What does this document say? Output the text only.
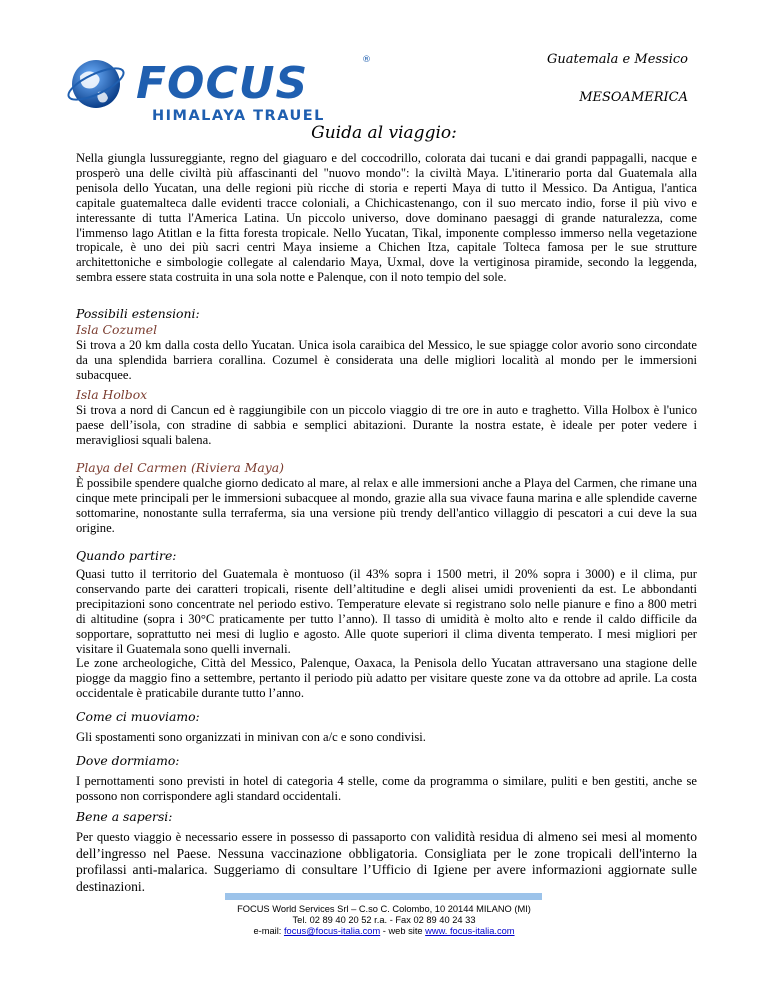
FOCUS	®
HIMALAYA TRAUEL
Guatemala e Messico
MESOAMERICA
Guida al viaggio:

Nella giungla lussureggiante, regno del giaguaro e del coccodrillo, colorata dai tucani e dai grandi pappagalli, nacque e prosperò una delle civiltà più affascinanti del "nuovo mondo": la civiltà Maya. L'itinerario porta dal Guatemala alla penisola dello Yucatan, una delle regioni più ricche di storia e reperti Maya di tutto il Messico. Da Antigua, l'antica capitale guatemalteca dalle evidenti tracce coloniali, a Chichicastenango, con il suo mercato indio, forse il più vivo e interessante di tutta l'America Latina. Un piccolo universo, dove dominano paesaggi di grande naturalezza, come l'immenso lago Atitlan e la fitta foresta tropicale. Nello Yucatan, Tikal, imponente complesso immerso nella vegetazione tropicale, è uno dei più sacri centri Maya insieme a Chichen Itza, capitale Tolteca famosa per le sue strutture architettoniche e simbologie collegate al calendario Maya, Uxmal, dove la vertiginosa piramide, secondo la leggenda, sembra essere stata costruita in una sola notte e Palenque, con il noto tempio del sole.

Possibili estensioni:

Isla Cozumel

Si trova a 20 km dalla costa dello Yucatan. Unica isola caraibica del Messico, le sue spiagge color avorio sono circondate da una splendida barriera corallina. Cozumel è considerata una delle migliori località al mondo per le immersioni subacquee.

Isla Holbox

Si trova a nord di Cancun ed è raggiungibile con un piccolo viaggio di tre ore in auto e traghetto. Villa Holbox è l'unico paese dell’isola, con stradine di sabbia e semplici abitazioni. Durante la nostra estate, è ideale per poter vedere i meravigliosi squali balena.

Playa del Carmen (Riviera Maya)

È possibile spendere qualche giorno dedicato al mare, al relax e alle immersioni anche a Playa del Carmen, che rimane una cinque mete principali per le immersioni subacquee al mondo, grazie alla sua vivace fauna marina e alle splendide caverne sottomarine, nonostante sulla terraferma, sia una versione più trendy dell'antico villaggio di pescatori a cui deve la sua origine.

Quando partire:

Quasi tutto il territorio del Guatemala è montuoso (il 43% sopra i 1500 metri, il 20% sopra i 3000) e il clima, pur conservando parte dei caratteri tropicali, risente dell’altitudine e degli alisei umidi provenienti da est. Le abbondanti precipitazioni sono concentrate nel periodo estivo. Temperature elevate si registrano solo nelle pianure e fino a 800 metri di altitudine (sopra i 30°C praticamente per tutto l’anno). Il tasso di umidità è molto alto e rende il caldo difficile da sopportare, soprattutto nei mesi di luglio e agosto. Alle quote superiori il clima diventa temperato. I mesi migliori per visitare il Guatemala sono quelli invernali.

Le zone archeologiche, Città del Messico, Palenque, Oaxaca, la Penisola dello Yucatan attraversano una stagione delle piogge da maggio fino a settembre, pertanto il periodo più adatto per visitare queste zone va da ottobre ad aprile. La costa occidentale è praticabile durante tutto l’anno.

Come ci muoviamo:

Gli spostamenti sono organizzati in minivan con a/c e sono condivisi.

Dove dormiamo:

I pernottamenti sono previsti in hotel di categoria 4 stelle, come da programma o similare, puliti e ben gestiti, anche se possono non corrispondere agli standard occidentali.

Bene a sapersi:

Per questo viaggio è necessario essere in possesso di passaporto con validità residua di almeno sei mesi al momento dell’ingresso nel Paese. Nessuna vaccinazione obbligatoria. Consigliata per le zone tropicali dell'interno la profilassi anti-malarica. Suggeriamo di consultare l’Ufficio di Igiene per avere informazioni aggiornate sulle destinazioni.

FOCUS World Services Srl – C.so C. Colombo, 10 20144 MILANO (MI)
Tel. 02 89 40 20 52 r.a. - Fax 02 89 40 24 33
e-mail: focus@focus-italia.com - web site www. focus-italia.com
